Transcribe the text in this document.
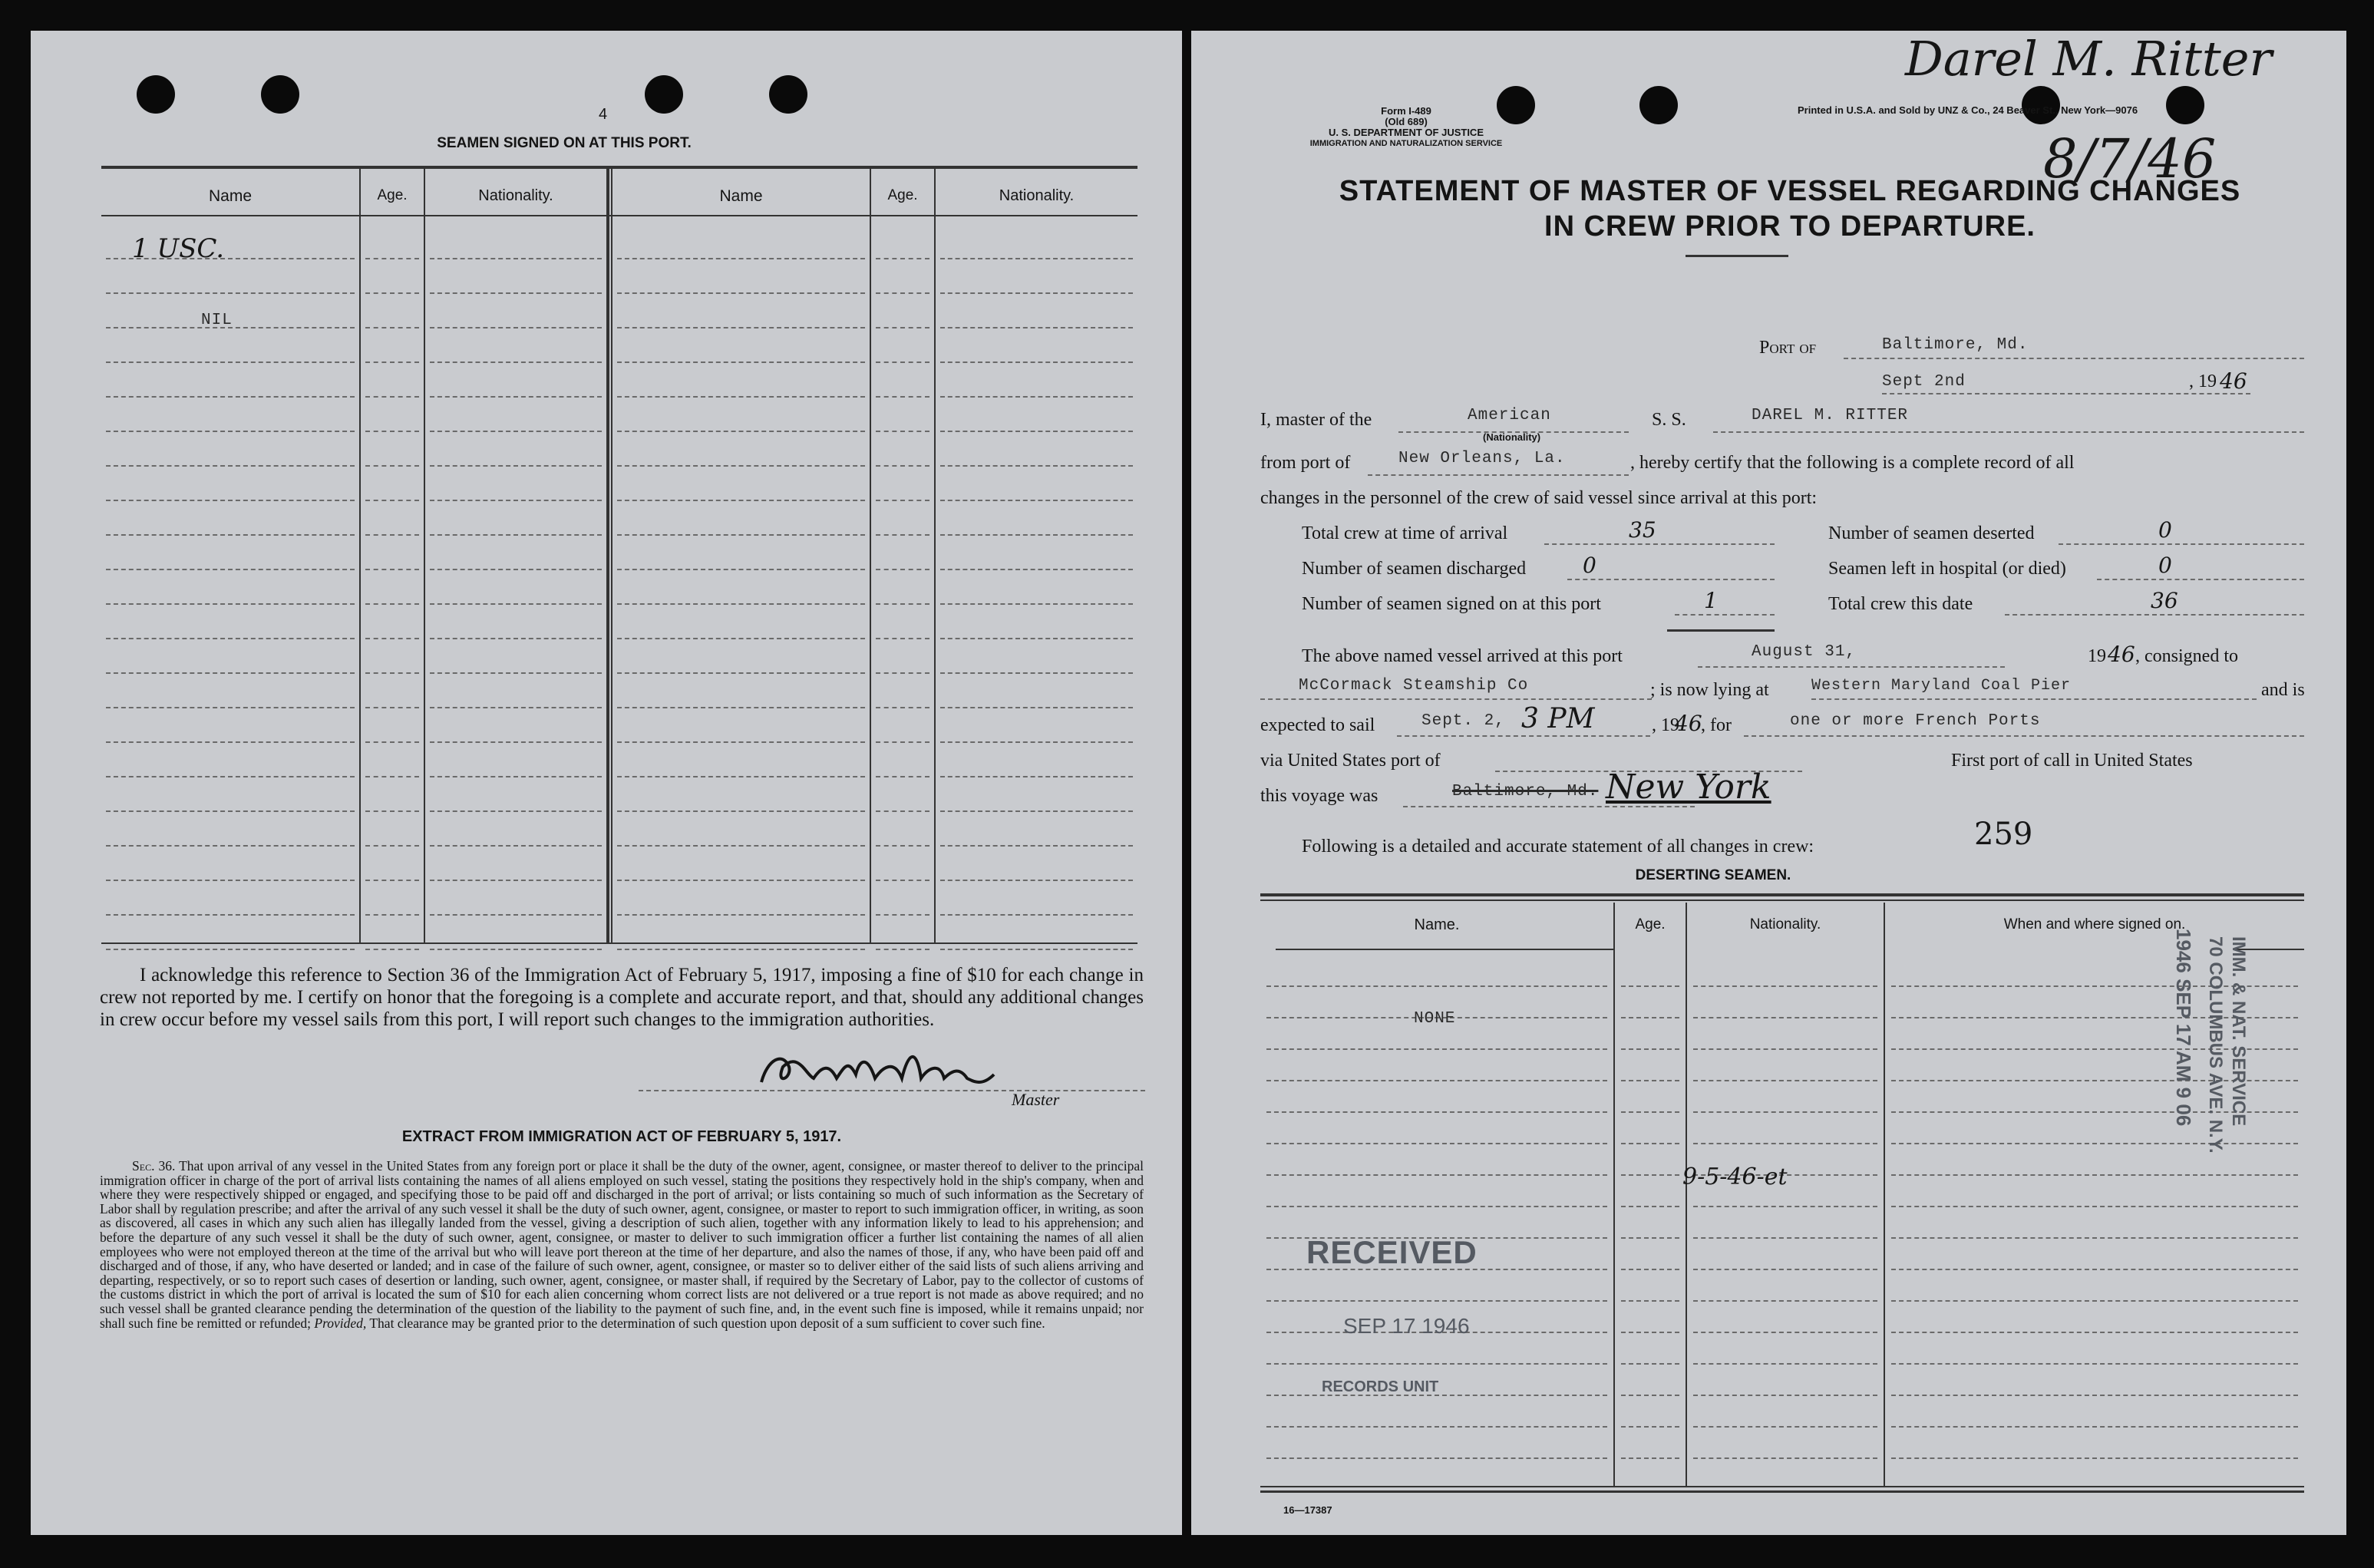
4
SEAMEN SIGNED ON AT THIS PORT.
Name	Age.	Nationality.	Name	Age.	Nationality.
1 USC.
NIL

I acknowledge this reference to Section 36 of the Immigration Act of February 5, 1917, imposing a fine of $10 for each change in crew not reported by me. I certify on honor that the foregoing is a complete and accurate report, and that, should any additional changes in crew occur before my vessel sails from this port, I will report such changes to the immigration authorities.

Master
EXTRACT FROM IMMIGRATION ACT OF FEBRUARY 5, 1917.

Sec. 36. That upon arrival of any vessel in the United States from any foreign port or place it shall be the duty of the owner, agent, consignee, or master thereof to deliver to the principal immigration officer in charge of the port of arrival lists containing the names of all aliens employed on such vessel, stating the positions they respectively hold in the ship's company, when and where they were respectively shipped or engaged, and specifying those to be paid off and discharged in the port of arrival; or lists containing so much of such information as the Secretary of Labor shall by regulation prescribe; and after the arrival of any such vessel it shall be the duty of such owner, agent, consignee, or master to report to such immigration officer, in writing, as soon as discovered, all cases in which any such alien has illegally landed from the vessel, giving a description of such alien, together with any information likely to lead to his apprehension; and before the departure of any such vessel it shall be the duty of such owner, agent, consignee, or master to deliver to such immigration officer a further list containing the names of all alien employees who were not employed thereon at the time of the arrival but who will leave port thereon at the time of her departure, and also the names of those, if any, who have been paid off and discharged and of those, if any, who have deserted or landed; and in case of the failure of such owner, agent, consignee, or master so to deliver either of the said lists of such aliens arriving and departing, respectively, or so to report such cases of desertion or landing, such owner, agent, consignee, or master shall, if required by the Secretary of Labor, pay to the collector of customs of the customs district in which the port of arrival is located the sum of $10 for each alien concerning whom correct lists are not delivered or a true report is not made as above required; and no such vessel shall be granted clearance pending the determination of the question of the liability to the payment of such fine, and, in the event such fine is imposed, while it remains unpaid; nor shall such fine be remitted or refunded; Provided, That clearance may be granted prior to the determination of such question upon deposit of a sum sufficient to cover such fine.

Form I-489
(Old 689)
U. S. DEPARTMENT OF JUSTICE
IMMIGRATION AND NATURALIZATION SERVICE
Printed in U.S.A. and Sold by UNZ & Co., 24 Beaver St., New York—9076
Darel M. Ritter
8/7/46
STATEMENT OF MASTER OF VESSEL REGARDING CHANGES
IN CREW PRIOR TO DEPARTURE.
Port of	Baltimore, Md.
Sept 2nd	, 19 46
I, master of the	American
(Nationality)
S. S.	DAREL M. RITTER
from port of	New Orleans, La.	, hereby certify that the following is a complete record of all
changes in the personnel of the crew of said vessel since arrival at this port:
Total crew at time of arrival	35	Number of seamen deserted	0
Number of seamen discharged	0	Seamen left in hospital (or died)	0
Number of seamen signed on at this port	1	Total crew this date	36
The above named vessel arrived at this port	August 31,	19 46 , consigned to
McCormack Steamship Co	; is now lying at	Western Maryland Coal Pier	and is
expected to sail	Sept. 2, 3 PM	, 19
46
, for	one or more French Ports
via United States port of	First port of call in United States
this voyage was	Baltimore, Md. New York
Following is a detailed and accurate statement of all changes in crew:	259
DESERTING SEAMEN.
Name.	Age.	Nationality.	When and where signed on.
NONE
9-5-46-et
RECEIVED
SEP 17 1946
RECORDS UNIT
1946 SEP 17 AM 9 06 IMM. & NAT. SERVICE
70 COLUMBUS AVE. N.Y.
16—17387
